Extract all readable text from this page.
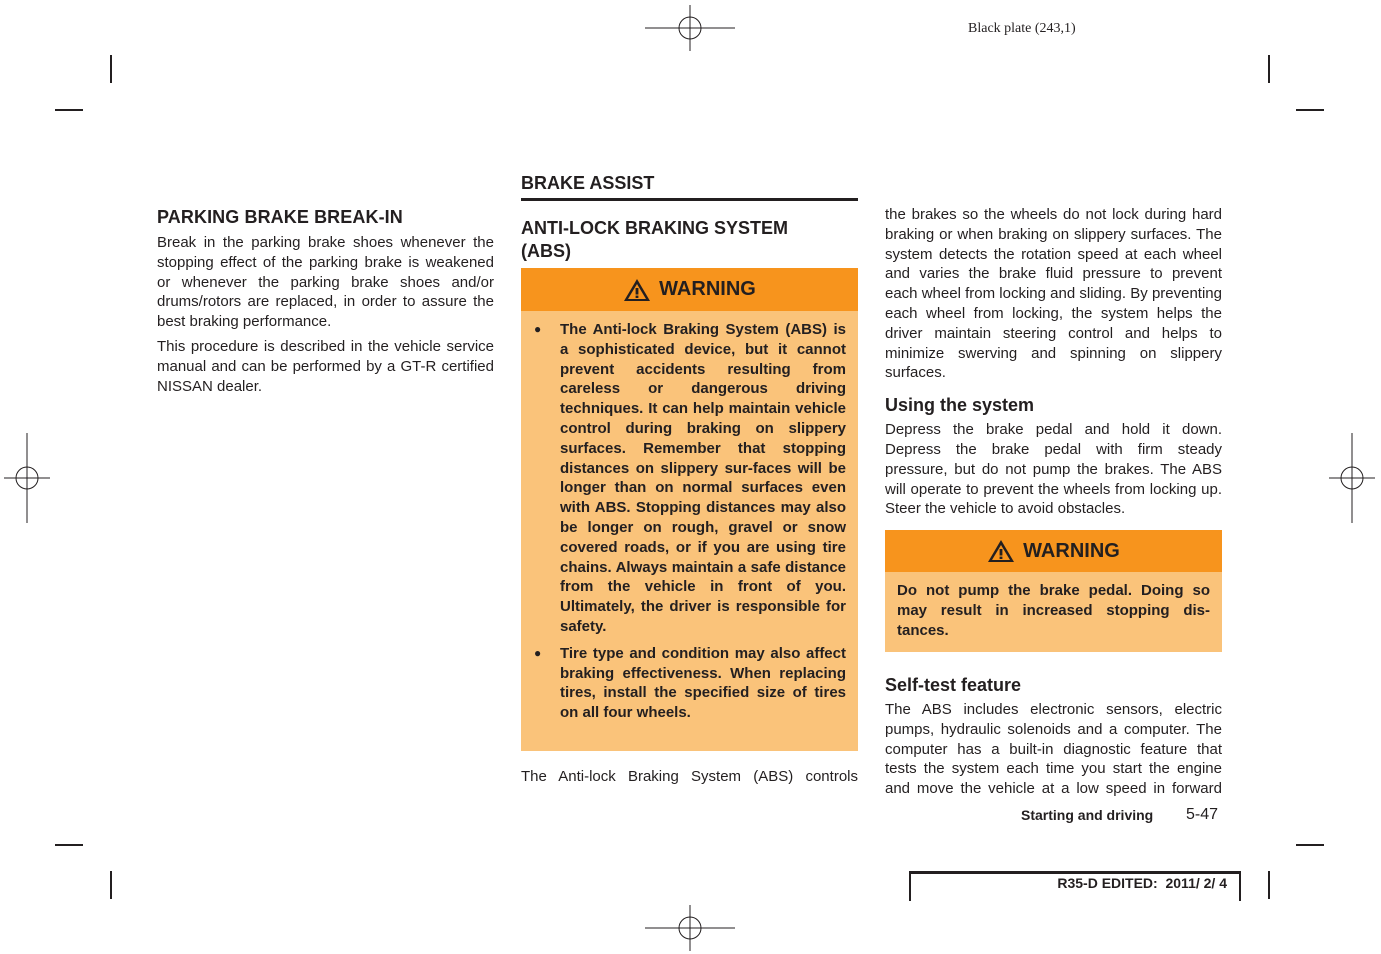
Black plate (243,1)
PARKING BRAKE BREAK-IN

Break in the parking brake shoes whenever the stopping effect of the parking brake is weakened or whenever the parking brake shoes and/or drums/rotors are replaced, in order to assure the best braking performance.

This procedure is described in the vehicle service manual and can be performed by a GT-R certified NISSAN dealer.

BRAKE ASSIST
ANTI-LOCK BRAKING SYSTEM (ABS)
WARNING
● The Anti-lock Braking System (ABS) is a sophisticated device, but it cannot prevent accidents resulting from careless or dangerous driving techniques. It can help maintain vehicle control during braking on slippery surfaces. Remember that stopping distances on slippery sur-faces will be longer than on normal surfaces even with ABS. Stopping distances may also be longer on rough, gravel or snow covered roads, or if you are using tire chains. Always maintain a safe distance from the vehicle in front of you. Ultimately, the driver is responsible for safety.
● Tire type and condition may also affect braking effectiveness. When replacing tires, install the specified size of tires on all four wheels.

The Anti-lock Braking System (ABS) controls

the brakes so the wheels do not lock during hard braking or when braking on slippery surfaces. The system detects the rotation speed at each wheel and varies the brake fluid pressure to prevent each wheel from locking and sliding. By preventing each wheel from locking, the system helps the driver maintain steering control and helps to minimize swerving and spinning on slippery surfaces.

Using the system

Depress the brake pedal and hold it down. Depress the brake pedal with firm steady pressure, but do not pump the brakes. The ABS will operate to prevent the wheels from locking up. Steer the vehicle to avoid obstacles.

WARNING

Do not pump the brake pedal. Doing so may result in increased stopping dis-tances.

Self-test feature

The ABS includes electronic sensors, electric pumps, hydraulic solenoids and a computer. The computer has a built-in diagnostic feature that tests the system each time you start the engine and move the vehicle at a low speed in forward

Starting and driving 5-47
R35-D EDITED:  2011/ 2/ 4
